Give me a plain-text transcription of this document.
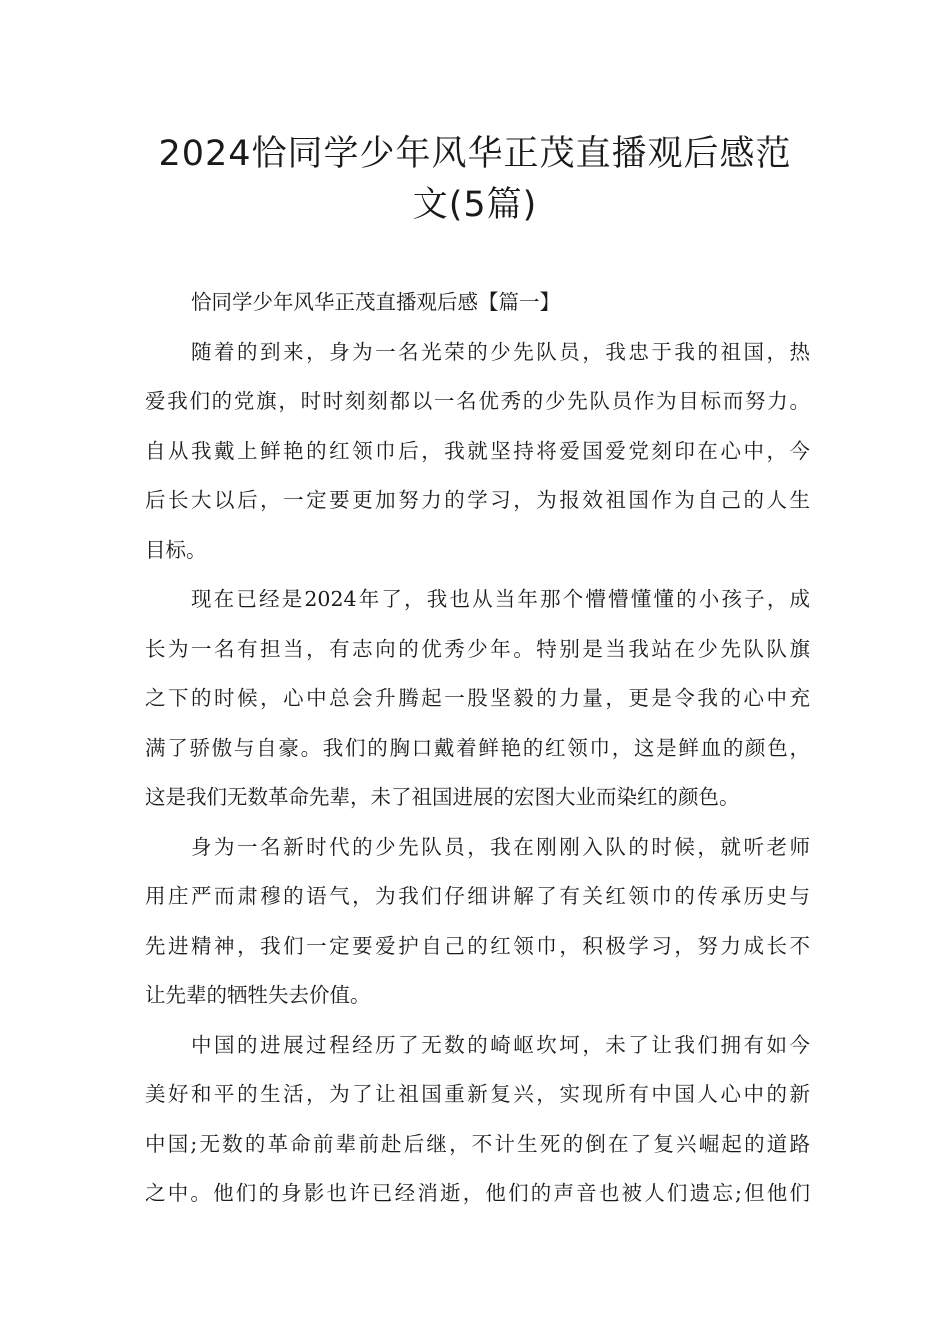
2024恰同学少年风华正茂直播观后感范
文(5篇)
恰同学少年风华正茂直播观后感【篇一】
随着的到来，身为一名光荣的少先队员，我忠于我的祖国，热
爱我们的党旗，时时刻刻都以一名优秀的少先队员作为目标而努力。
自从我戴上鲜艳的红领巾后，我就坚持将爱国爱党刻印在心中，今
后长大以后，一定要更加努力的学习，为报效祖国作为自己的人生
目标。
现在已经是2024年了，我也从当年那个懵懵懂懂的小孩子，成
长为一名有担当，有志向的优秀少年。特别是当我站在少先队队旗
之下的时候，心中总会升腾起一股坚毅的力量，更是令我的心中充
满了骄傲与自豪。我们的胸口戴着鲜艳的红领巾，这是鲜血的颜色，
这是我们无数革命先辈，未了祖国进展的宏图大业而染红的颜色。
身为一名新时代的少先队员，我在刚刚入队的时候，就听老师
用庄严而肃穆的语气，为我们仔细讲解了有关红领巾的传承历史与
先进精神，我们一定要爱护自己的红领巾，积极学习，努力成长不
让先辈的牺牲失去价值。
中国的进展过程经历了无数的崎岖坎坷，未了让我们拥有如今
美好和平的生活，为了让祖国重新复兴，实现所有中国人心中的新
中国;无数的革命前辈前赴后继，不计生死的倒在了复兴崛起的道路
之中。他们的身影也许已经消逝，他们的声音也被人们遗忘;但他们
